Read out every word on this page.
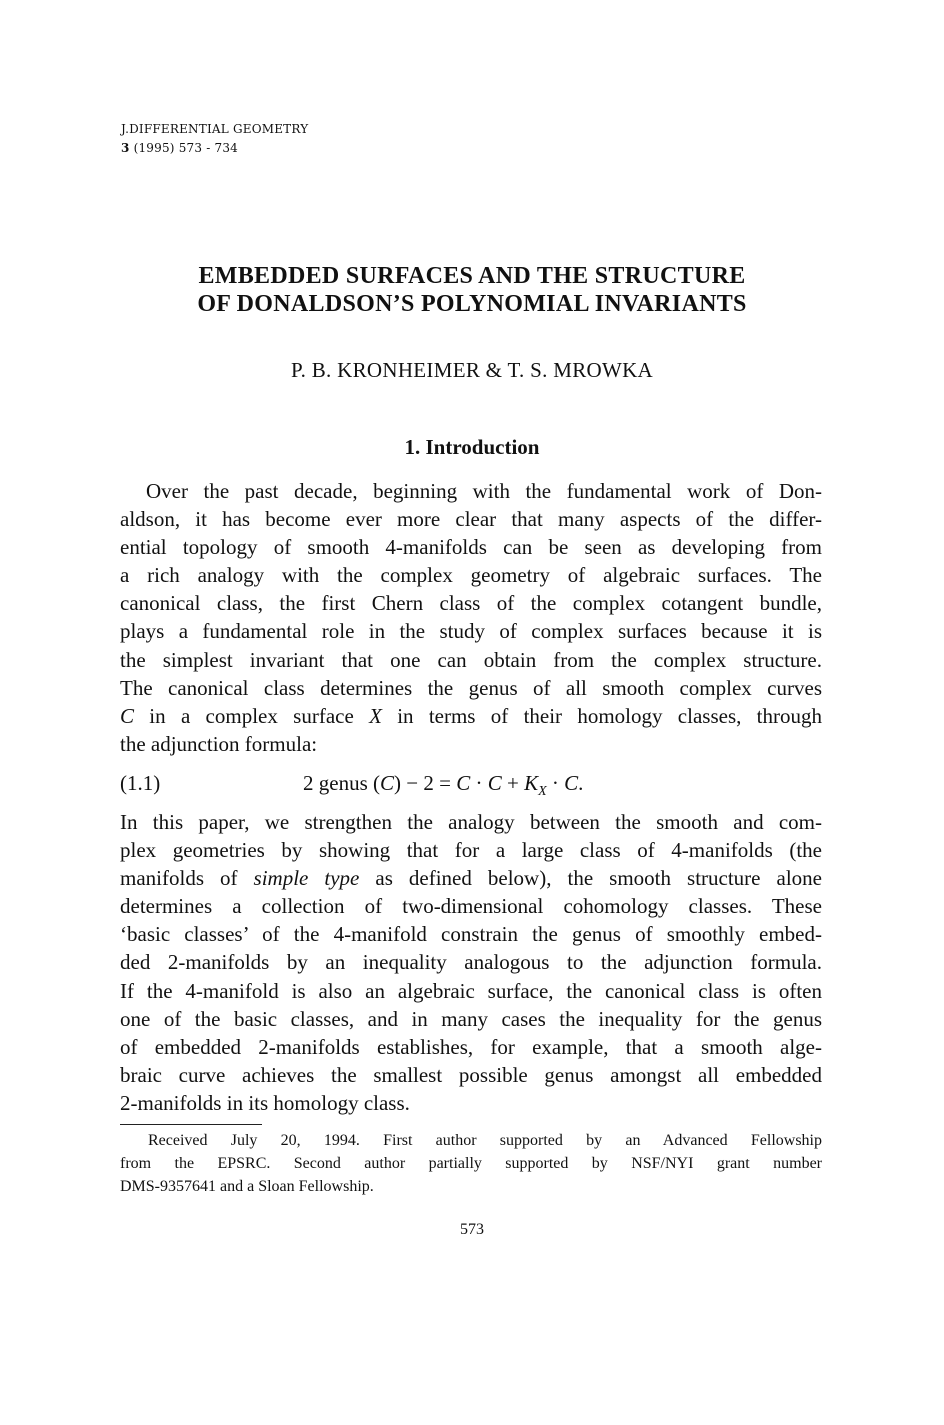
J.DIFFERENTIAL GEOMETRY
3 (1995) 573 - 734
EMBEDDED SURFACES AND THE STRUCTURE
OF DONALDSON’S POLYNOMIAL INVARIANTS
P. B. KRONHEIMER & T. S. MROWKA
1. Introduction
Over the past decade, beginning with the fundamental work of Don-
aldson, it has become ever more clear that many aspects of the differ-
ential topology of smooth 4-manifolds can be seen as developing from
a rich analogy with the complex geometry of algebraic surfaces. The
canonical class, the first Chern class of the complex cotangent bundle,
plays a fundamental role in the study of complex surfaces because it is
the simplest invariant that one can obtain from the complex structure.
The canonical class determines the genus of all smooth complex curves
C in a complex surface X in terms of their homology classes, through
the adjunction formula:
(1.1)	2 genus $(C) - 2 = C \cdot C + K_X \cdot C$.
In this paper, we strengthen the analogy between the smooth and com-
plex geometries by showing that for a large class of 4-manifolds (the
manifolds of simple type as defined below), the smooth structure alone
determines a collection of two-dimensional cohomology classes. These
‘basic classes’ of the 4-manifold constrain the genus of smoothly embed-
ded 2-manifolds by an inequality analogous to the adjunction formula.
If the 4-manifold is also an algebraic surface, the canonical class is often
one of the basic classes, and in many cases the inequality for the genus
of embedded 2-manifolds establishes, for example, that a smooth alge-
braic curve achieves the smallest possible genus amongst all embedded
2-manifolds in its homology class.
Received July 20, 1994. First author supported by an Advanced Fellowship
from the EPSRC. Second author partially supported by NSF/NYI grant number
DMS-9357641 and a Sloan Fellowship.
573
